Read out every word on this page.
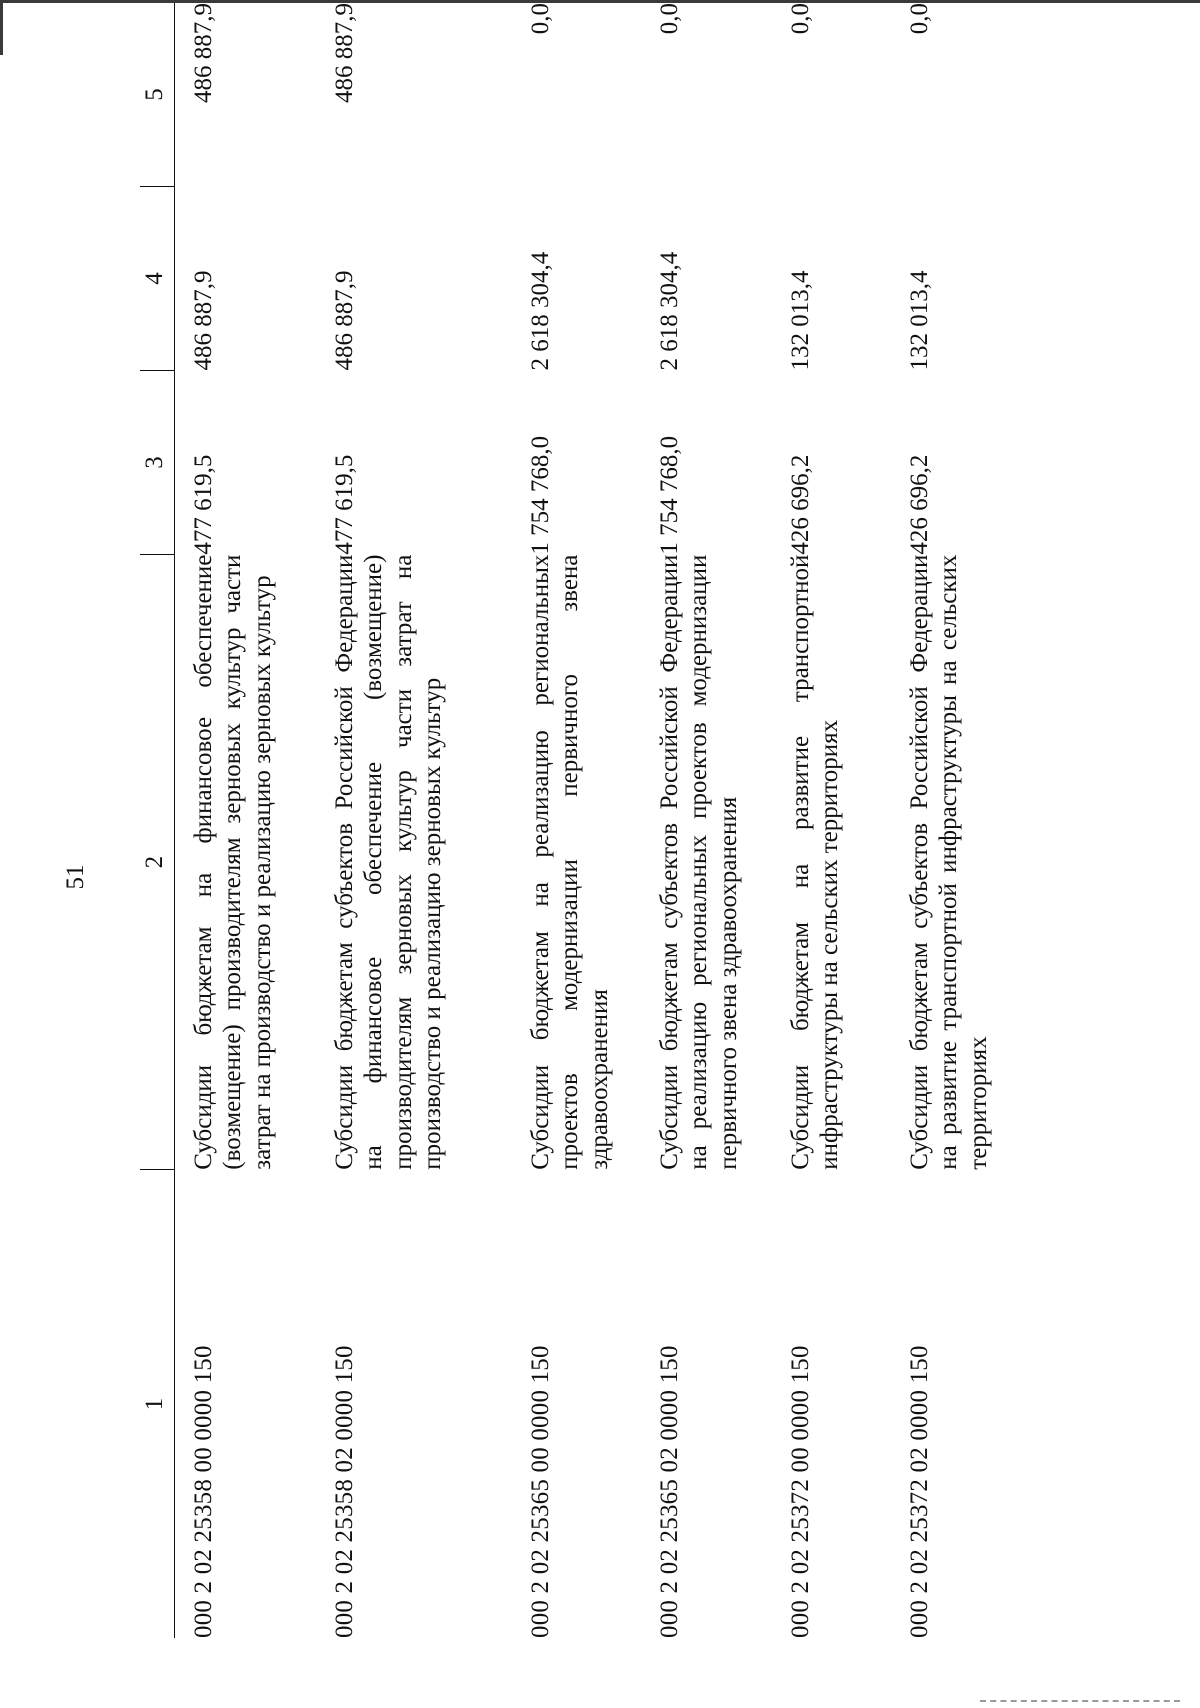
51
1	2	3	4	5
000 2 02 25358 00 0000 150	Субсидии бюджетам на финансовое обеспечение (возмещение) производителям зерновых культур части затрат на производство и реализацию зерновых культур	477 619,5	486 887,9	486 887,9
000 2 02 25358 02 0000 150	Субсидии бюджетам субъектов Российской Федерации на финансовое обеспечение (возмещение) производителям зерновых культур части затрат на производство и реализацию зерновых культур	477 619,5	486 887,9	486 887,9
000 2 02 25365 00 0000 150	Субсидии бюджетам на реализацию региональных проектов модернизации первичного звена здравоохранения	1 754 768,0	2 618 304,4	0,0
000 2 02 25365 02 0000 150	Субсидии бюджетам субъектов Российской Федерации на реализацию региональных проектов модернизации первичного звена здравоохранения	1 754 768,0	2 618 304,4	0,0
000 2 02 25372 00 0000 150	Субсидии бюджетам на развитие транспортной инфраструктуры на сельских территориях	426 696,2	132 013,4	0,0
000 2 02 25372 02 0000 150	Субсидии бюджетам субъектов Российской Федерации на развитие транспортной инфраструктуры на сельских территориях	426 696,2	132 013,4	0,0
